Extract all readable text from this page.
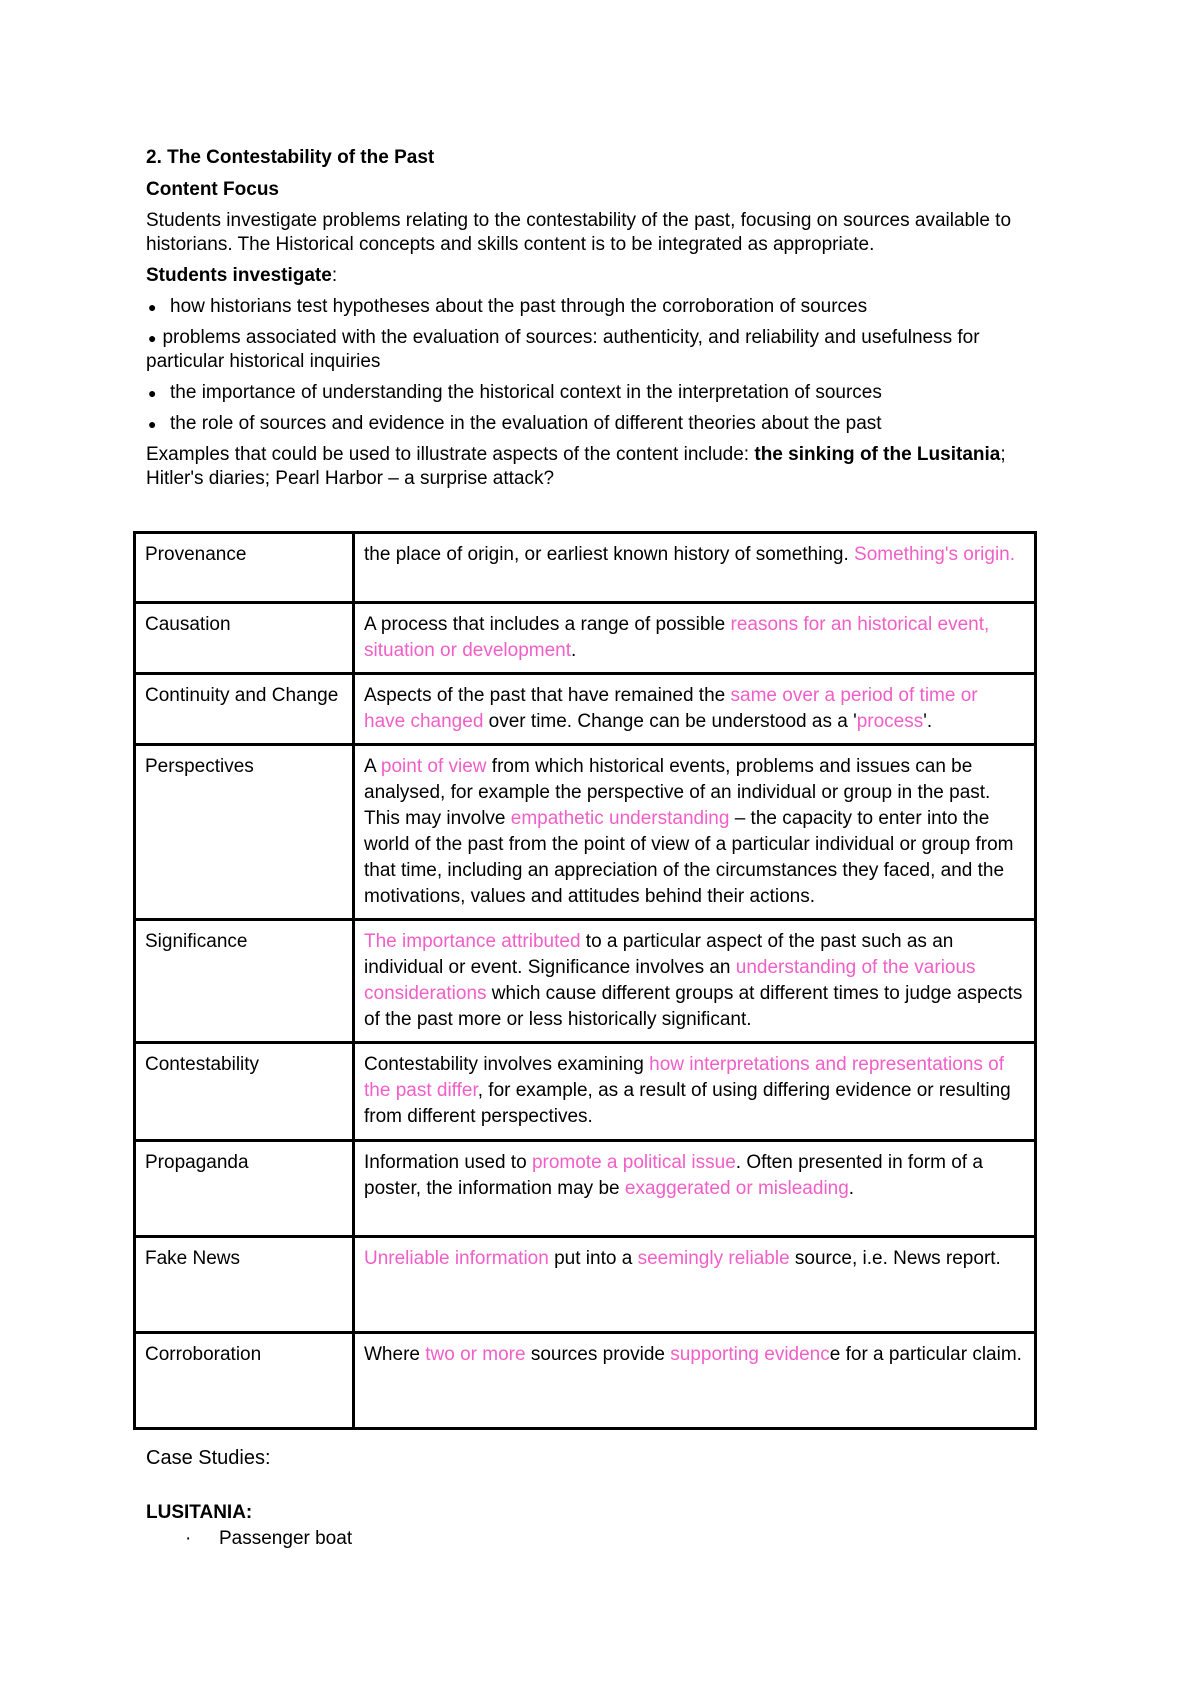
2. The Contestability of the Past
Content Focus

Students investigate problems relating to the contestability of the past, focusing on sources available to historians. The Historical concepts and skills content is to be integrated as appropriate.

Students investigate:

● how historians test hypotheses about the past through the corroboration of sources
● problems associated with the evaluation of sources: authenticity, and reliability and usefulness for particular historical inquiries
● the importance of understanding the historical context in the interpretation of sources
● the role of sources and evidence in the evaluation of different theories about the past

Examples that could be used to illustrate aspects of the content include: the sinking of the Lusitania; Hitler's diaries; Pearl Harbor – a surprise attack?

Provenance	the place of origin, or earliest known history of something. Something's origin.
Causation	A process that includes a range of possible reasons for an historical event, situation or development.
Continuity and Change	Aspects of the past that have remained the same over a period of time or have changed over time. Change can be understood as a 'process'.
Perspectives	A point of view from which historical events, problems and issues can be analysed, for example the perspective of an individual or group in the past. This may involve empathetic understanding – the capacity to enter into the world of the past from the point of view of a particular individual or group from that time, including an appreciation of the circumstances they faced, and the motivations, values and attitudes behind their actions.
Significance	The importance attributed to a particular aspect of the past such as an individual or event. Significance involves an understanding of the various considerations which cause different groups at different times to judge aspects of the past more or less historically significant.
Contestability	Contestability involves examining how interpretations and representations of the past differ, for example, as a result of using differing evidence or resulting from different perspectives.
Propaganda	Information used to promote a political issue. Often presented in form of a poster, the information may be exaggerated or misleading.
Fake News	Unreliable information put into a seemingly reliable source, i.e. News report.
Corroboration	Where two or more sources provide supporting evidence for a particular claim.
Case Studies:
LUSITANIA:
· Passenger boat
